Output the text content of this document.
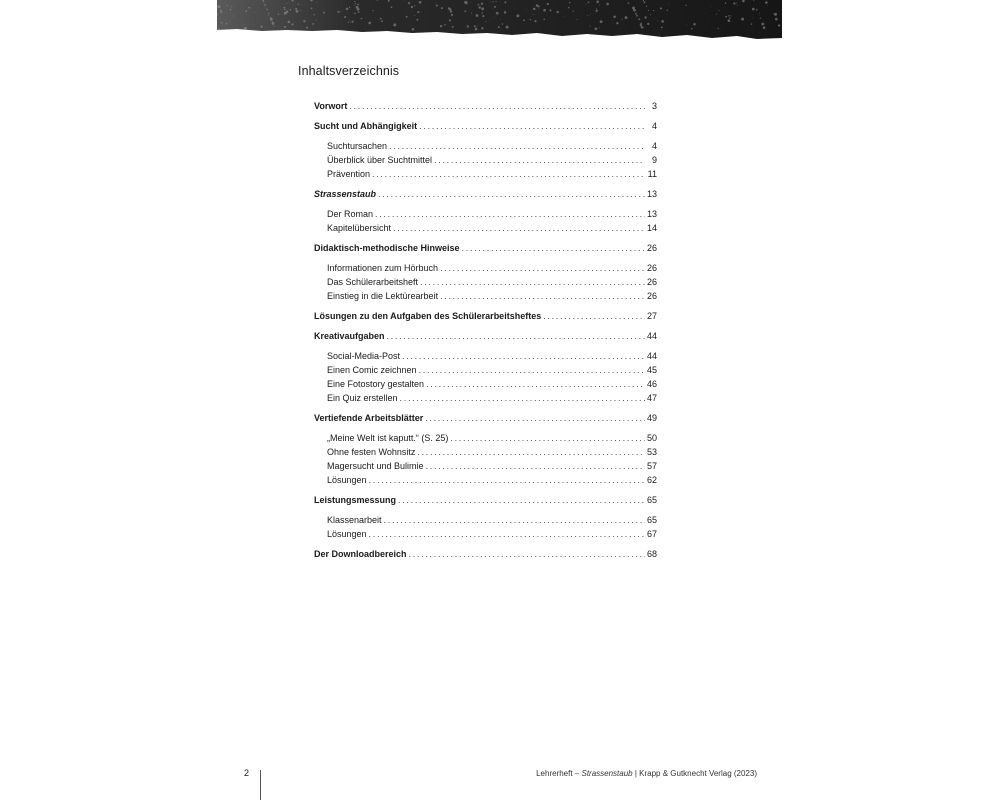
Inhaltsverzeichnis
Vorwort . . .	3
Sucht und Abhängigkeit . . .	4
Suchtursachen . . .	4
Überblick über Suchtmittel . . .	9
Prävention . . .	11
Strassenstaub . . .	13
Der Roman . . .	13
Kapitelübersicht . . .	14
Didaktisch-methodische Hinweise . . .	26
Informationen zum Hörbuch . . .	26
Das Schülerarbeitsheft . . .	26
Einstieg in die Lektürearbeit . . .	26
Lösungen zu den Aufgaben des Schülerarbeitsheftes . . .	27
Kreativaufgaben . . .	44
Social-Media-Post . . .	44
Einen Comic zeichnen . . .	45
Eine Fotostory gestalten . . .	46
Ein Quiz erstellen . . .	47
Vertiefende Arbeitsblätter . . .	49
„Meine Welt ist kaputt.“ (S. 25) . . .	50
Ohne festen Wohnsitz . . .	53
Magersucht und Bulimie . . .	57
Lösungen . . .	62
Leistungsmessung . . .	65
Klassenarbeit . . .	65
Lösungen . . .	67
Der Downloadbereich . . .	68
2	Lehrerheft – Strassenstaub | Krapp & Gutknecht Verlag (2023)
